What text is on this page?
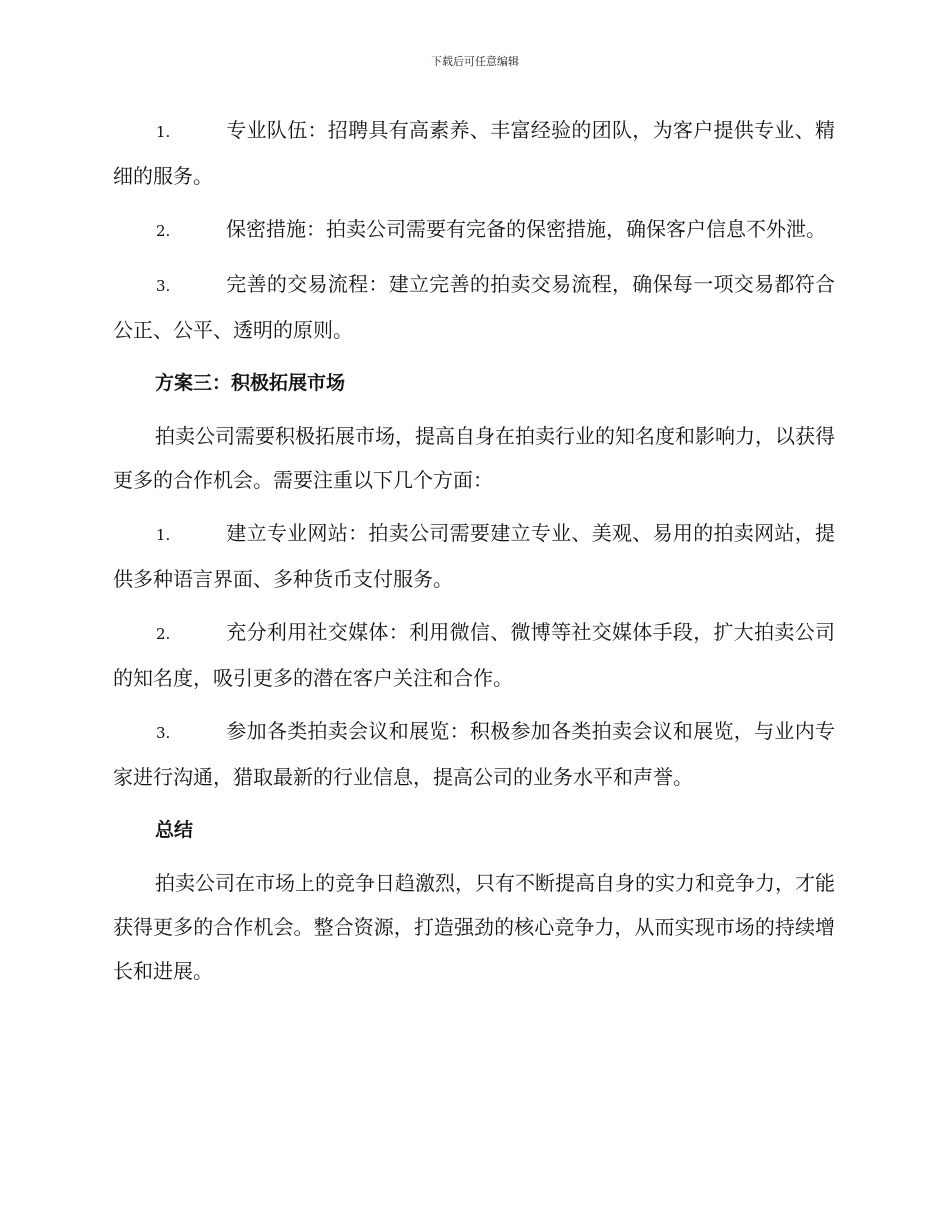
下载后可任意编辑

1.	专业队伍：招聘具有高素养、丰富经验的团队，为客户提供专业、精细的服务。

2.	保密措施：拍卖公司需要有完备的保密措施，确保客户信息不外泄。

3.	完善的交易流程：建立完善的拍卖交易流程，确保每一项交易都符合公正、公平、透明的原则。

方案三：积极拓展市场

拍卖公司需要积极拓展市场，提高自身在拍卖行业的知名度和影响力，以获得更多的合作机会。需要注重以下几个方面：

1.	建立专业网站：拍卖公司需要建立专业、美观、易用的拍卖网站，提供多种语言界面、多种货币支付服务。

2.	充分利用社交媒体：利用微信、微博等社交媒体手段，扩大拍卖公司的知名度，吸引更多的潜在客户关注和合作。

3.	参加各类拍卖会议和展览：积极参加各类拍卖会议和展览，与业内专家进行沟通，猎取最新的行业信息，提高公司的业务水平和声誉。

总结

拍卖公司在市场上的竞争日趋激烈，只有不断提高自身的实力和竞争力，才能获得更多的合作机会。整合资源，打造强劲的核心竞争力，从而实现市场的持续增长和进展。
